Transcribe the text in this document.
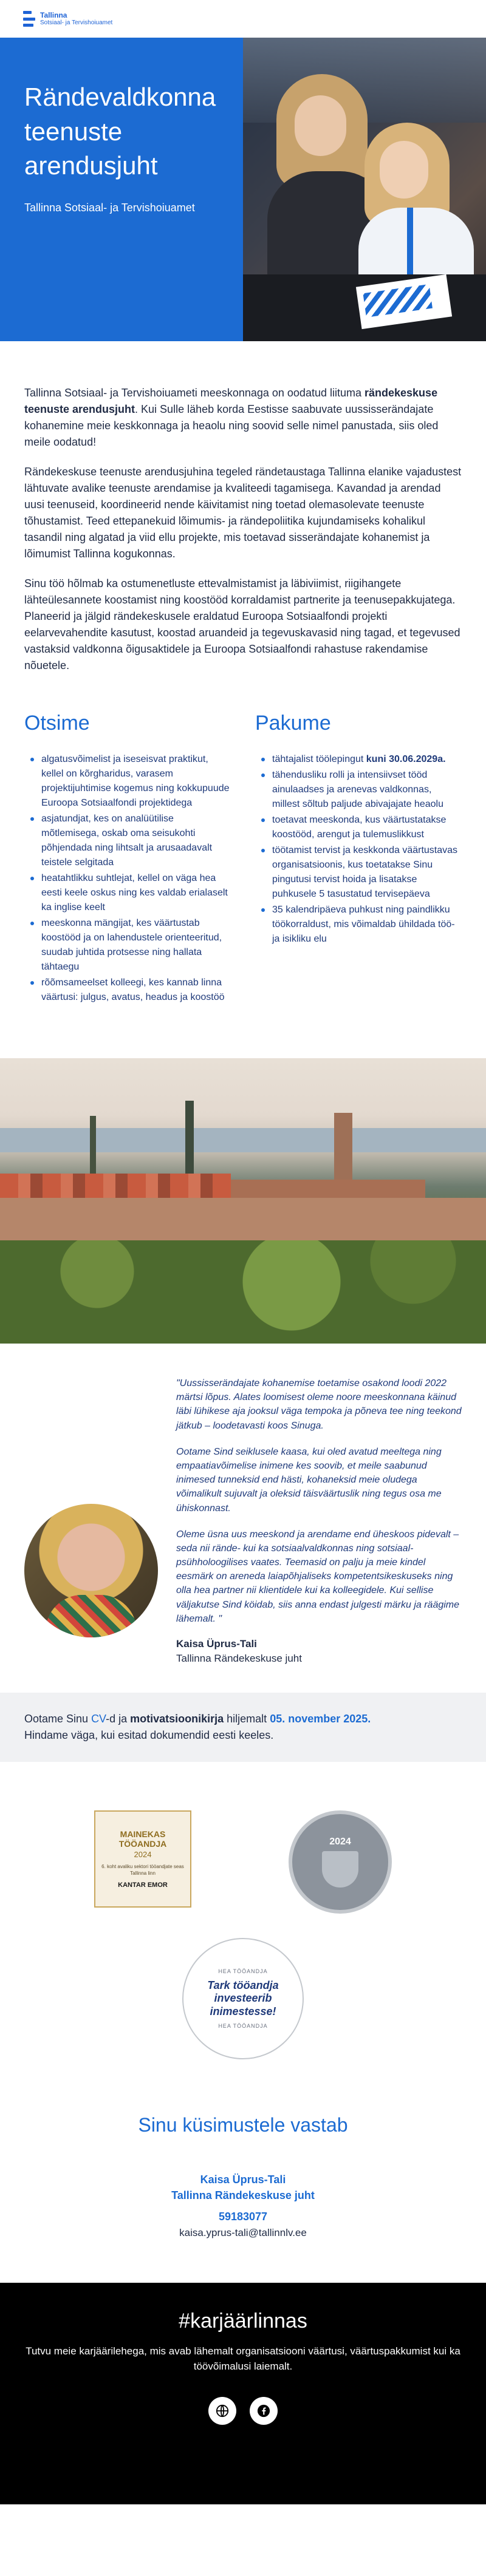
Tallinna
Sotsiaal- ja Tervishoiuamet
Rändevaldkonna teenuste arendusjuht
Tallinna Sotsiaal- ja Tervishoiuamet

Tallinna Sotsiaal- ja Tervishoiuameti meeskonnaga on oodatud liituma rändekeskuse teenuste arendusjuht. Kui Sulle läheb korda Eestisse saabuvate uussisserändajate kohanemine meie keskkonnaga ja heaolu ning soovid selle nimel panustada, siis oled meile oodatud!

Rändekeskuse teenuste arendusjuhina tegeled rändetaustaga Tallinna elanike vajadustest lähtuvate avalike teenuste arendamise ja kvaliteedi tagamisega. Kavandad ja arendad uusi teenuseid, koordineerid nende käivitamist ning toetad olemasolevate teenuste tõhustamist. Teed ettepanekuid lõimumis- ja rändepoliitika kujundamiseks kohalikul tasandil ning algatad ja viid ellu projekte, mis toetavad sisserändajate kohanemist ja lõimumist Tallinna kogukonnas.

Sinu töö hõlmab ka ostumenetluste ettevalmistamist ja läbiviimist, riigihangete lähteülesannete koostamist ning koostööd korraldamist partnerite ja teenusepakkujatega. Planeerid ja jälgid rändekeskusele eraldatud Euroopa Sotsiaalfondi projekti eelarvevahendite kasutust, koostad aruandeid ja tegevuskavasid ning tagad, et tegevused vastaksid valdkonna õigusaktidele ja Euroopa Sotsiaalfondi rahastuse rakendamise nõuetele.

Otsime
algatusvõimelist ja iseseisvat praktikut, kellel on kõrgharidus, varasem projektijuhtimise kogemus ning kokkupuude Euroopa Sotsiaalfondi projektidega
asjatundjat, kes on analüütilise mõtlemisega, oskab oma seisukohti põhjendada ning lihtsalt ja arusaadavalt teistele selgitada
heatahtlikku suhtlejat, kellel on väga hea eesti keele oskus ning kes valdab erialaselt ka inglise keelt
meeskonna mängijat, kes väärtustab koostööd ja on lahendustele orienteeritud, suudab juhtida protsesse ning hallata tähtaegu
rõõmsameelset kolleegi, kes kannab linna väärtusi: julgus, avatus, headus ja koostöö
Pakume
tähtajalist töölepingut kuni 30.06.2029a.
tähendusliku rolli ja intensiivset tööd ainulaadses ja arenevas valdkonnas, millest sõltub paljude abivajajate heaolu
toetavat meeskonda, kus väärtustatakse koostööd, arengut ja tulemuslikkust
töötamist tervist ja keskkonda väärtustavas organisatsioonis, kus toetatakse Sinu pingutusi tervist hoida ja lisatakse puhkusele 5 tasustatud tervisepäeva
35 kalendripäeva puhkust ning paindlikku töökorraldust, mis võimaldab ühildada töö- ja isikliku elu

"Uussisserändajate kohanemise toetamise osakond loodi 2022 märtsi lõpus. Alates loomisest oleme noore meeskonnana käinud läbi lühikese aja jooksul väga tempoka ja põneva tee ning teekond jätkub – loodetavasti koos Sinuga.

Ootame Sind seiklusele kaasa, kui oled avatud meeltega ning empaatiavõimelise inimene kes soovib, et meile saabunud inimesed tunneksid end hästi, kohaneksid meie oludega võimalikult sujuvalt ja oleksid täisväärtuslik ning tegus osa me ühiskonnast.

Oleme üsna uus meeskond ja arendame end üheskoos pidevalt – seda nii rände- kui ka sotsiaalvaldkonnas ning sotsiaal-psühholoogilises vaates. Teemasid on palju ja meie kindel eesmärk on areneda laiapõhjaliseks kompetentsikeskuseks ning olla hea partner nii klientidele kui ka kolleegidele. Kui sellise väljakutse Sind köidab, siis anna endast julgesti märku ja räägime lähemalt. "

Kaisa Üprus-Tali
Tallinna Rändekeskuse juht
Ootame Sinu CV-d ja motivatsioonikirja hiljemalt 05. november 2025.
Hindame väga, kui esitad dokumendid eesti keeles.
MAINEKAS TÖÖANDJA
2024
6. koht avaliku sektori tööandjate seas Tallinna linn
KANTAR EMOR
2024
HEA TÖÖANDJA
Tark tööandja investeerib inimestesse!
HEA TÖÖANDJA
Sinu küsimustele vastab
Kaisa Üprus-Tali
Tallinna Rändekeskuse juht
59183077
kaisa.yprus-tali@tallinnlv.ee
#karjäärlinnas
Tutvu meie karjäärilehega, mis avab lähemalt organisatsiooni väärtusi, väärtuspakkumist kui ka töövõimalusi laiemalt.
